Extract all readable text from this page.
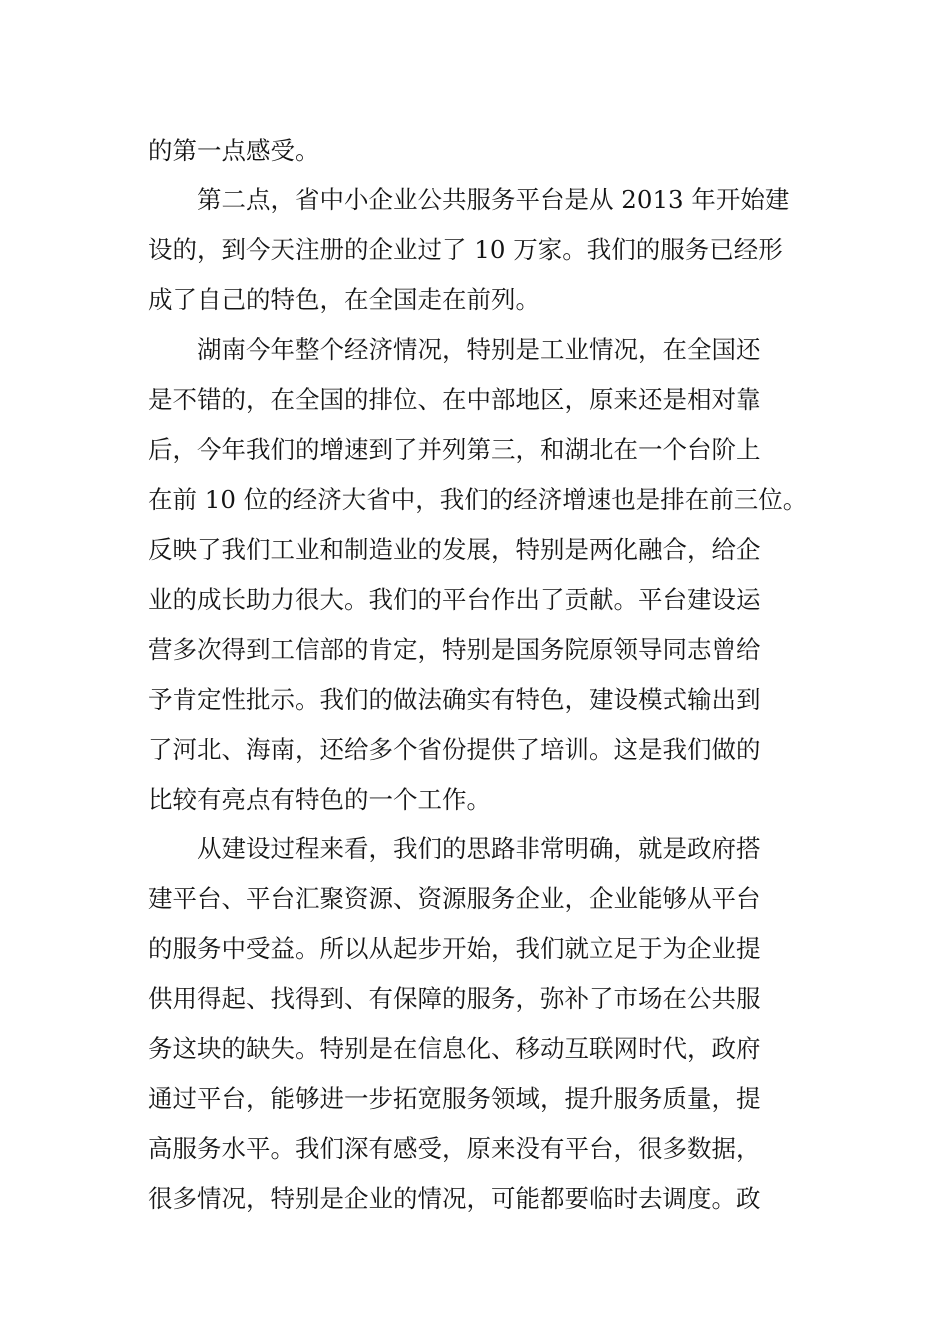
的第一点感受。
第二点，省中小企业公共服务平台是从 2013 年开始建
设的，到今天注册的企业过了 10 万家。我们的服务已经形
成了自己的特色，在全国走在前列。
湖南今年整个经济情况，特别是工业情况，在全国还
是不错的，在全国的排位、在中部地区，原来还是相对靠
后，今年我们的增速到了并列第三，和湖北在一个台阶上
在前 10 位的经济大省中，我们的经济增速也是排在前三位。
反映了我们工业和制造业的发展，特别是两化融合，给企
业的成长助力很大。我们的平台作出了贡献。平台建设运
营多次得到工信部的肯定，特别是国务院原领导同志曾给
予肯定性批示。我们的做法确实有特色，建设模式输出到
了河北、海南，还给多个省份提供了培训。这是我们做的
比较有亮点有特色的一个工作。
从建设过程来看，我们的思路非常明确，就是政府搭
建平台、平台汇聚资源、资源服务企业，企业能够从平台
的服务中受益。所以从起步开始，我们就立足于为企业提
供用得起、找得到、有保障的服务，弥补了市场在公共服
务这块的缺失。特别是在信息化、移动互联网时代，政府
通过平台，能够进一步拓宽服务领域，提升服务质量，提
高服务水平。我们深有感受，原来没有平台，很多数据，
很多情况，特别是企业的情况，可能都要临时去调度。政
